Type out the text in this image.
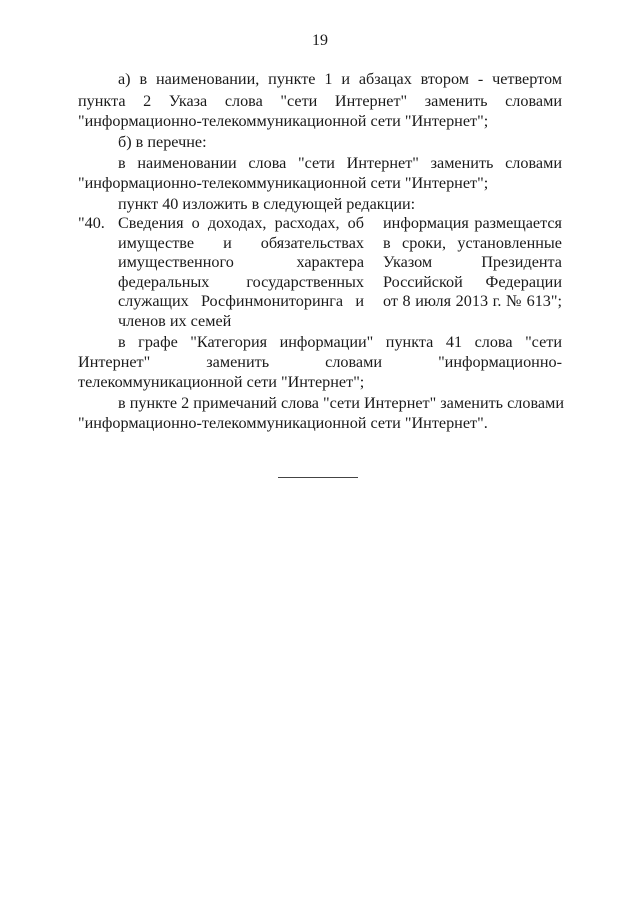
19
а) в наименовании, пункте 1 и абзацах втором - четвертом
пункта 2 Указа слова "сети Интернет" заменить словами
"информационно-телекоммуникационной сети "Интернет";
б) в перечне:
в наименовании слова "сети Интернет" заменить словами
"информационно-телекоммуникационной сети "Интернет";
пункт 40 изложить в следующей редакции:
"40. Сведения о доходах, расходах, об
имуществе и обязательствах
имущественного характера
федеральных государственных
служащих Росфинмониторинга и
членов их семей
информация размещается
в сроки, установленные
Указом Президента
Российской Федерации
от 8 июля 2013 г. № 613";
в графе "Категория информации" пункта 41 слова "сети
Интернет" заменить словами "информационно-
телекоммуникационной сети "Интернет";
в пункте 2 примечаний слова "сети Интернет" заменить словами
"информационно-телекоммуникационной сети "Интернет".
